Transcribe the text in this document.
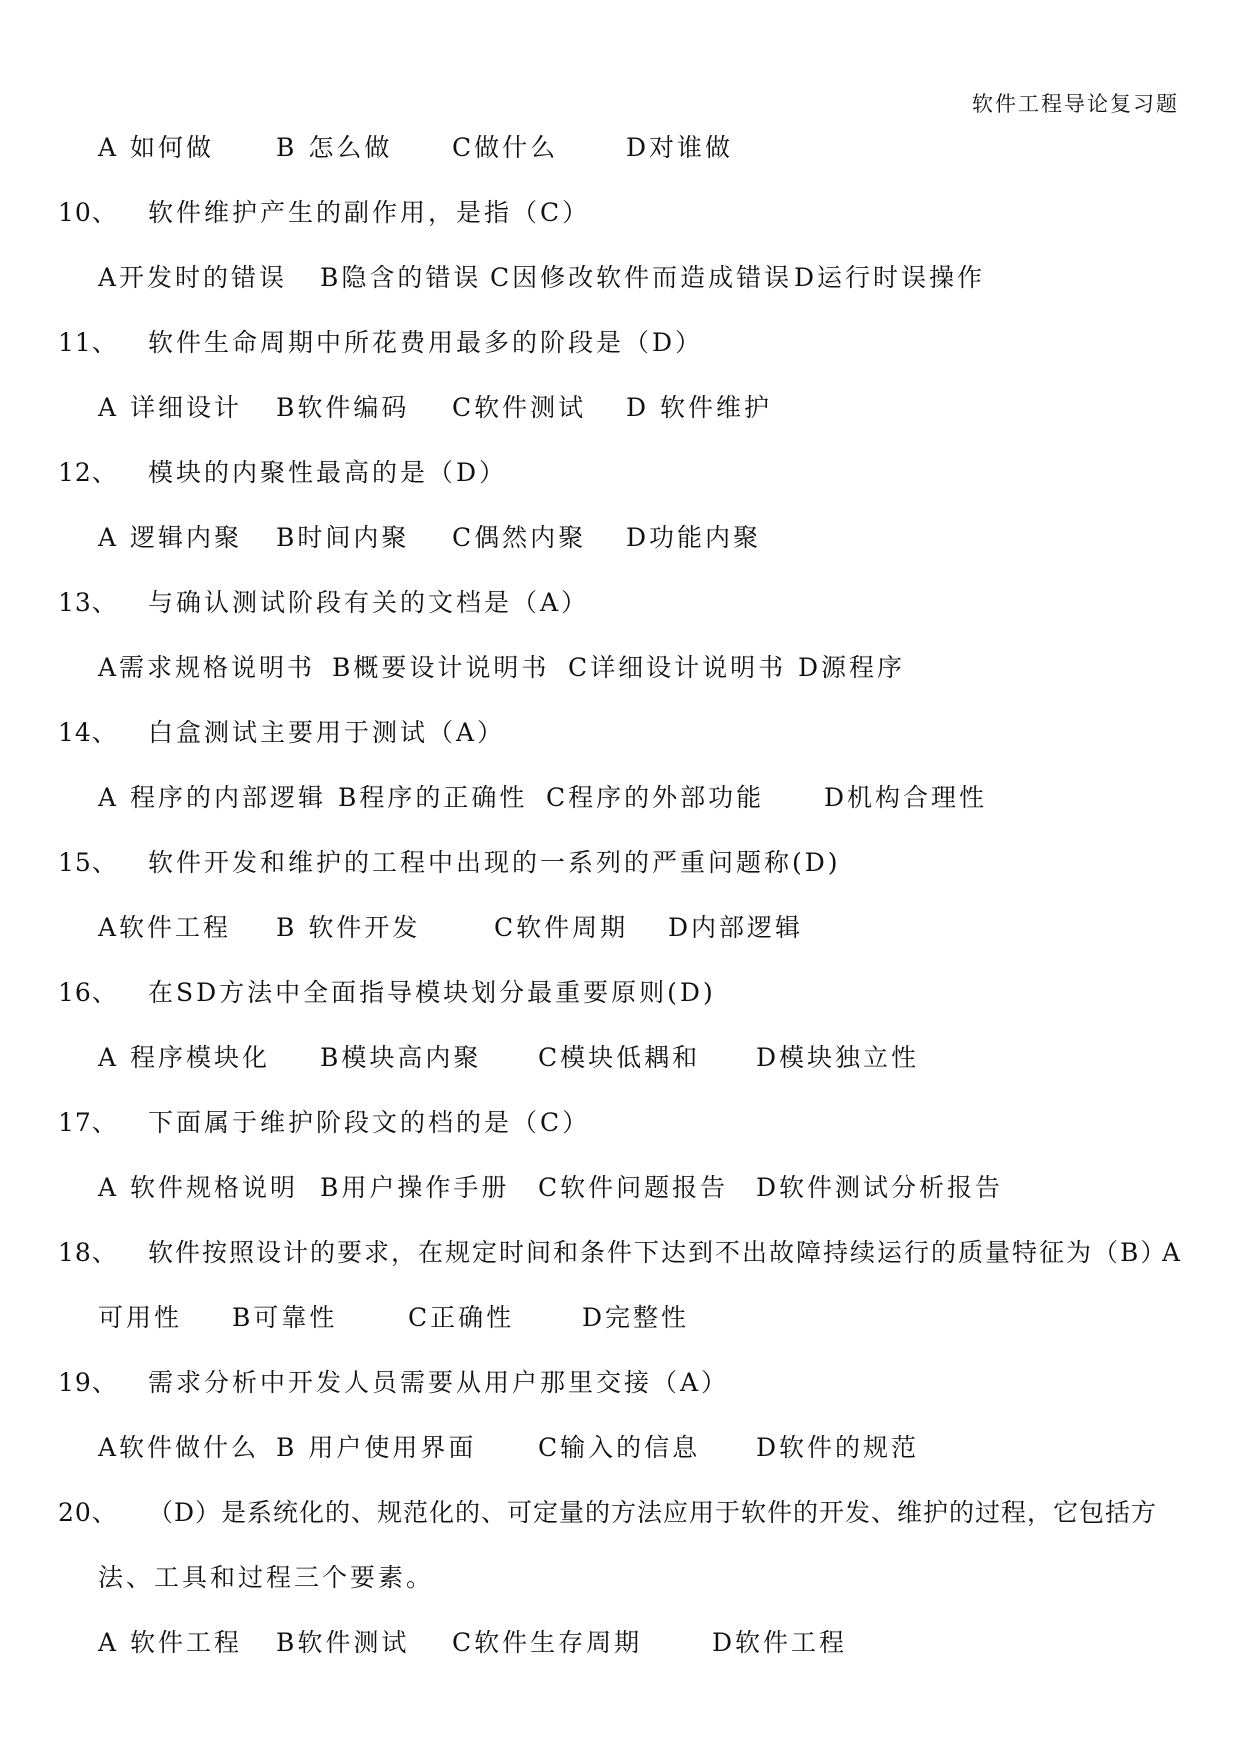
软件工程导论复习题
A 如何做 B 怎么做 C做什么	D对谁做
10、 软件维护产生的副作用，是指（C）
A开发时的错误 B隐含的错误 C因修改软件而造成错误 D运行时误操作
11、 软件生命周期中所花费用最多的阶段是（D）
A 详细设计 B软件编码 C软件测试 D 软件维护
12、 模块的内聚性最高的是（D）
A 逻辑内聚 B时间内聚 C偶然内聚 D功能内聚
13、 与确认测试阶段有关的文档是（A）
A需求规格说明书 B概要设计说明书 C详细设计说明书 D源程序
14、 白盒测试主要用于测试（A）
A 程序的内部逻辑 B程序的正确性 C程序的外部功能 D机构合理性
15、 软件开发和维护的工程中出现的一系列的严重问题称(D)
A软件工程 B 软件开发	C软件周期 D内部逻辑
16、 在SD方法中全面指导模块划分最重要原则(D)
A 程序模块化 B模块高内聚 C模块低耦和 D模块独立性
17、 下面属于维护阶段文的档的是（C）
A 软件规格说明 B用户操作手册 C软件问题报告 D软件测试分析报告
18、 软件按照设计的要求，在规定时间和条件下达到不出故障持续运行的质量特征为（B）
A
可用性 B可靠性	C正确性	D完整性
19、 需求分析中开发人员需要从用户那里交接（A）
A软件做什么 B 用户使用界面 C输入的信息 D软件的规范
20、 （D）是系统化的、规范化的、可定量的方法应用于软件的开发、维护的过程，它包括方
法、工具和过程三个要素。
A 软件工程 B软件测试 C软件生存周期	D软件工程
